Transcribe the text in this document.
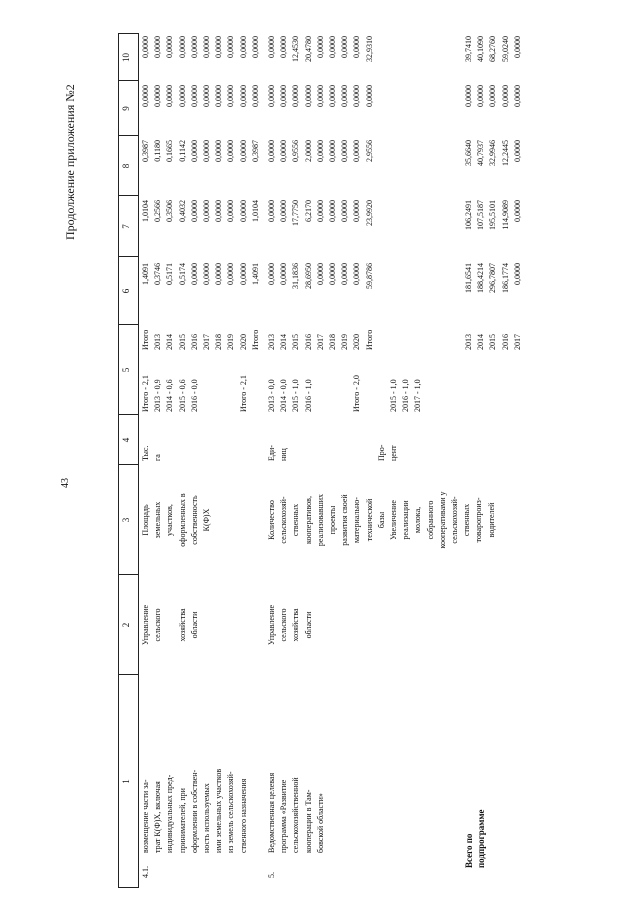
43
Продолжение приложения №2
1
2
3
4
5
6
7
8
9
10
4.1.
возмещение части за-
трат К(Ф)Х, включая
индивидуальных пред-
принимателей, при
оформлении в собствен-
ность используемых
ими земельных участков
из земель сельскохозяй-
ственного назначения
Управление
сельского

хозяйства
области
Площадь
земельных
участков,
оформленных в
собственность
К(Ф)Х
Тыс.
га
Итого - 2,1
2013 - 0,9
2014 - 0,6
2015 - 0,6
2016 - 0,0

Итого - 2,1
Итого
2013
2014
2015
2016
2017
2018
2019
2020
Итого
1,4091
0,3746
0,5171
0,5174
0,0000
0,0000
0,0000
0,0000
0,0000
1,4091
1,0104
0,2566
0,3506
0,4032
0,0000
0,0000
0,0000
0,0000
0,0000
1,0104
0,3987
0,1180
0,1665
0,1142
0,0000
0,0000
0,0000
0,0000
0,0000
0,3987
0,0000
0,0000
0,0000
0,0000
0,0000
0,0000
0,0000
0,0000
0,0000
0,0000
0,0000
0,0000
0,0000
0,0000
0,0000
0,0000
0,0000
0,0000
0,0000
0,0000
5.
Ведомственная целевая
программа «Развитие
сельскохозяйственной
кооперации в Там-
бовской области»
Управление
сельского
хозяйства
области
Количество
сельскохозяй-
ственных
кооперативов,
реализовавших
проекты
развития своей
материально-
технической
базы
Увеличение
реализации
молока,
собранного
кооперативами у
сельскохозяй-
ственных
товаропроиз-
водителей
Еди-
ниц

Про-
цент
2013 - 0,0
2014 - 0,0
2015 - 1,0
2016 - 1,0

Итого - 2,0

2015 - 1,0
2016 - 1,0
2017 - 1,0
2013
2014
2015
2016
2017
2018
2019
2020
Итого
0,0000
0,0000
31,1836
28,6950
0,0000
0,0000
0,0000
0,0000
59,8786
0,0000
0,0000
17,7750
6,2170
0,0000
0,0000
0,0000
0,0000
23,9920
0,0000
0,0000
0,9556
2,0000
0,0000
0,0000
0,0000
0,0000
2,9556
0,0000
0,0000
0,0000
0,0000
0,0000
0,0000
0,0000
0,0000
0,0000
0,0000
0,0000
12,4530
20,4780
0,0000
0,0000
0,0000
0,0000
32,9310
Всего по
подпрограмме
2013
2014
2015
2016
2017
181,6541
188,4214
296,7807
186,1774
0,0000
106,2491
107,5187
195,5101
114,9089
0,0000
35,6640
40,7937
32,9946
12,2445
0,0000
0,0000
0,0000
0,0000
0,0000
0,0000
39,7410
40,1090
68,2760
59,0240
0,0000
